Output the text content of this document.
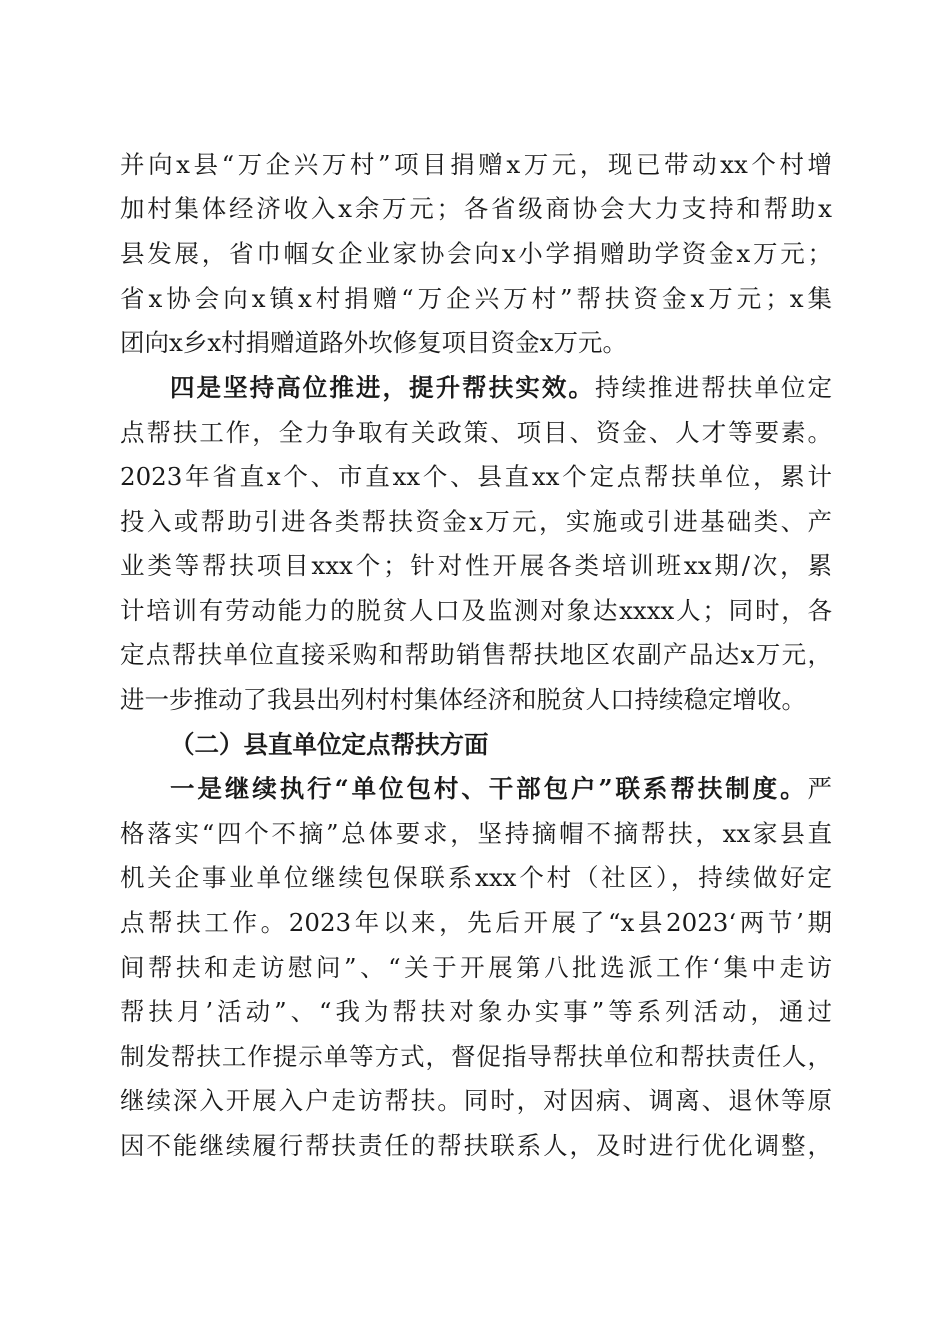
并向x县“万企兴万村”项目捐赠x万元，现已带动xx个村增
加村集体经济收入x余万元；各省级商协会大力支持和帮助x
县发展，省巾帼女企业家协会向x小学捐赠助学资金x万元；
省x协会向x镇x村捐赠“万企兴万村”帮扶资金x万元；x集
团向x乡x村捐赠道路外坎修复项目资金x万元。
四是坚持高位推进，提升帮扶实效。持续推进帮扶单位定
点帮扶工作，全力争取有关政策、项目、资金、人才等要素。
2023年省直x个、市直xx个、县直xx个定点帮扶单位，累计
投入或帮助引进各类帮扶资金x万元，实施或引进基础类、产
业类等帮扶项目xxx个；针对性开展各类培训班xx期/次，累
计培训有劳动能力的脱贫人口及监测对象达xxxx人；同时，各
定点帮扶单位直接采购和帮助销售帮扶地区农副产品达x万元，
进一步推动了我县出列村村集体经济和脱贫人口持续稳定增收。
（二）县直单位定点帮扶方面
一是继续执行“单位包村、干部包户”联系帮扶制度。严
格落实“四个不摘”总体要求，坚持摘帽不摘帮扶，xx家县直
机关企事业单位继续包保联系xxx个村（社区），持续做好定
点帮扶工作。2023年以来，先后开展了“x县2023‘两节’期
间帮扶和走访慰问”、“关于开展第八批选派工作‘集中走访
帮扶月’活动”、“我为帮扶对象办实事”等系列活动，通过
制发帮扶工作提示单等方式，督促指导帮扶单位和帮扶责任人，
继续深入开展入户走访帮扶。同时，对因病、调离、退休等原
因不能继续履行帮扶责任的帮扶联系人，及时进行优化调整，
